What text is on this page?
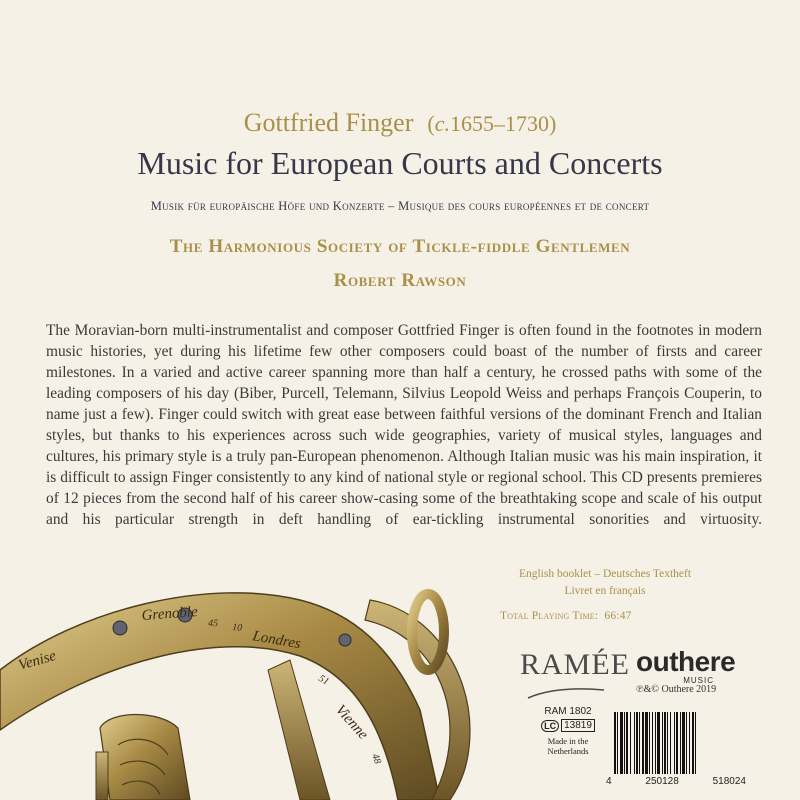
Gottfried Finger (c.1655–1730)
Music for European Courts and Concerts
Musik für europäische Höfe und Konzerte – Musique des cours européennes et de concert
The Harmonious Society of Tickle-fiddle Gentlemen
Robert Rawson

The Moravian-born multi-instrumentalist and composer Gottfried Finger is often found in the footnotes in modern music histories, yet during his lifetime few other composers could boast of the number of firsts and career milestones. In a varied and active career spanning more than half a century, he crossed paths with some of the leading composers of his day (Biber, Purcell, Telemann, Silvius Leopold Weiss and perhaps François Couperin, to name just a few). Finger could switch with great ease between faithful versions of the dominant French and Italian styles, but thanks to his experiences across such wide geographies, variety of musical styles, languages and cultures, his primary style is a truly pan-European phenomenon. Although Italian music was his main inspiration, it is difficult to assign Finger consistently to any kind of national style or regional school. This CD presents premieres of 12 pieces from the second half of his career show-casing some of the breathtaking scope and scale of his output and his particular strength in deft handling of ear-tickling instrumental sonorities and virtuosity.

English booklet – Deutsches Textheft
Livret en français
Total Playing Time: 66:47
Venise
Grenoble 45 10
Londres
51
Vienne
48
RAMÉE outhere
MUSIC
℗&© Outhere 2019
RAM 1802
LC 13819
Made in the Netherlands
4	250128	518024
